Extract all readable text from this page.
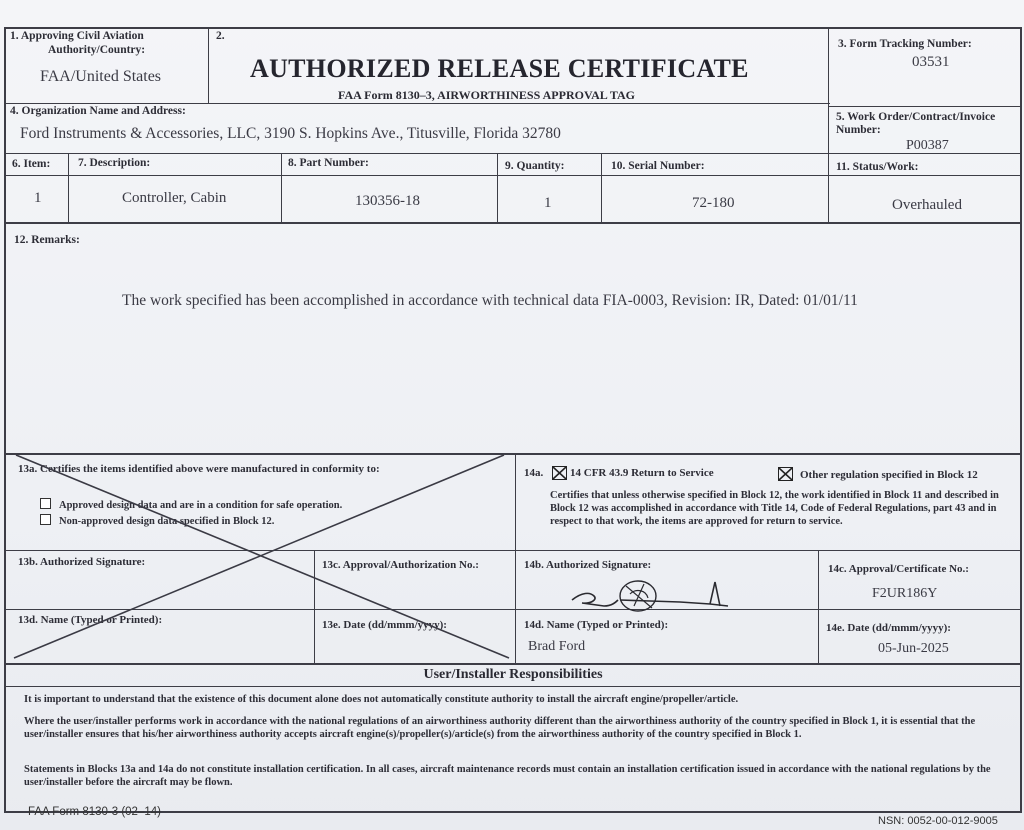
1. Approving Civil Aviation
Authority/Country:
FAA/United States
2.
AUTHORIZED RELEASE CERTIFICATE
FAA Form 8130–3, AIRWORTHINESS APPROVAL TAG
3. Form Tracking Number:
03531
4. Organization Name and Address:
Ford Instruments & Accessories, LLC, 3190 S. Hopkins Ave., Titusville, Florida 32780
5. Work Order/Contract/Invoice
Number:
P00387
6. Item: 7. Description:	8. Part Number:	9. Quantity:	10. Serial Number:	11. Status/Work:
1	Controller, Cabin	130356-18	1	72-180	Overhauled
12. Remarks:
The work specified has been accomplished in accordance with technical data FIA-0003, Revision: IR, Dated: 01/01/11
13a. Certifies the items identified above were manufactured in conformity to:
Approved design data and are in a condition for safe operation.
Non-approved design data specified in Block 12.
13b. Authorized Signature:	13c. Approval/Authorization No.:
13d. Name (Typed or Printed):	13e. Date (dd/mmm/yyyy):
14a. 14 CFR 43.9 Return to Service	Other regulation specified in Block 12
Certifies that unless otherwise specified in Block 12, the work identified in Block 11 and described in Block 12 was accomplished in accordance with Title 14, Code of Federal Regulations, part 43 and in respect to that work, the items are approved for return to service.
14b. Authorized Signature:	14c. Approval/Certificate No.:
F2UR186Y
14d. Name (Typed or Printed):
Brad Ford
14e. Date (dd/mmm/yyyy):
05-Jun-2025
User/Installer Responsibilities
It is important to understand that the existence of this document alone does not automatically constitute authority to install the aircraft engine/propeller/article.
Where the user/installer performs work in accordance with the national regulations of an airworthiness authority different than the airworthiness authority of the country specified in Block 1, it is essential that the user/installer ensures that his/her airworthiness authority accepts aircraft engine(s)/propeller(s)/article(s) from the airworthiness authority of the country specified in Block 1.
Statements in Blocks 13a and 14a do not constitute installation certification. In all cases, aircraft maintenance records must contain an installation certification issued in accordance with the national regulations by the user/installer before the aircraft may be flown.
FAA Form 8130-3 (02–14)
NSN: 0052-00-012-9005
